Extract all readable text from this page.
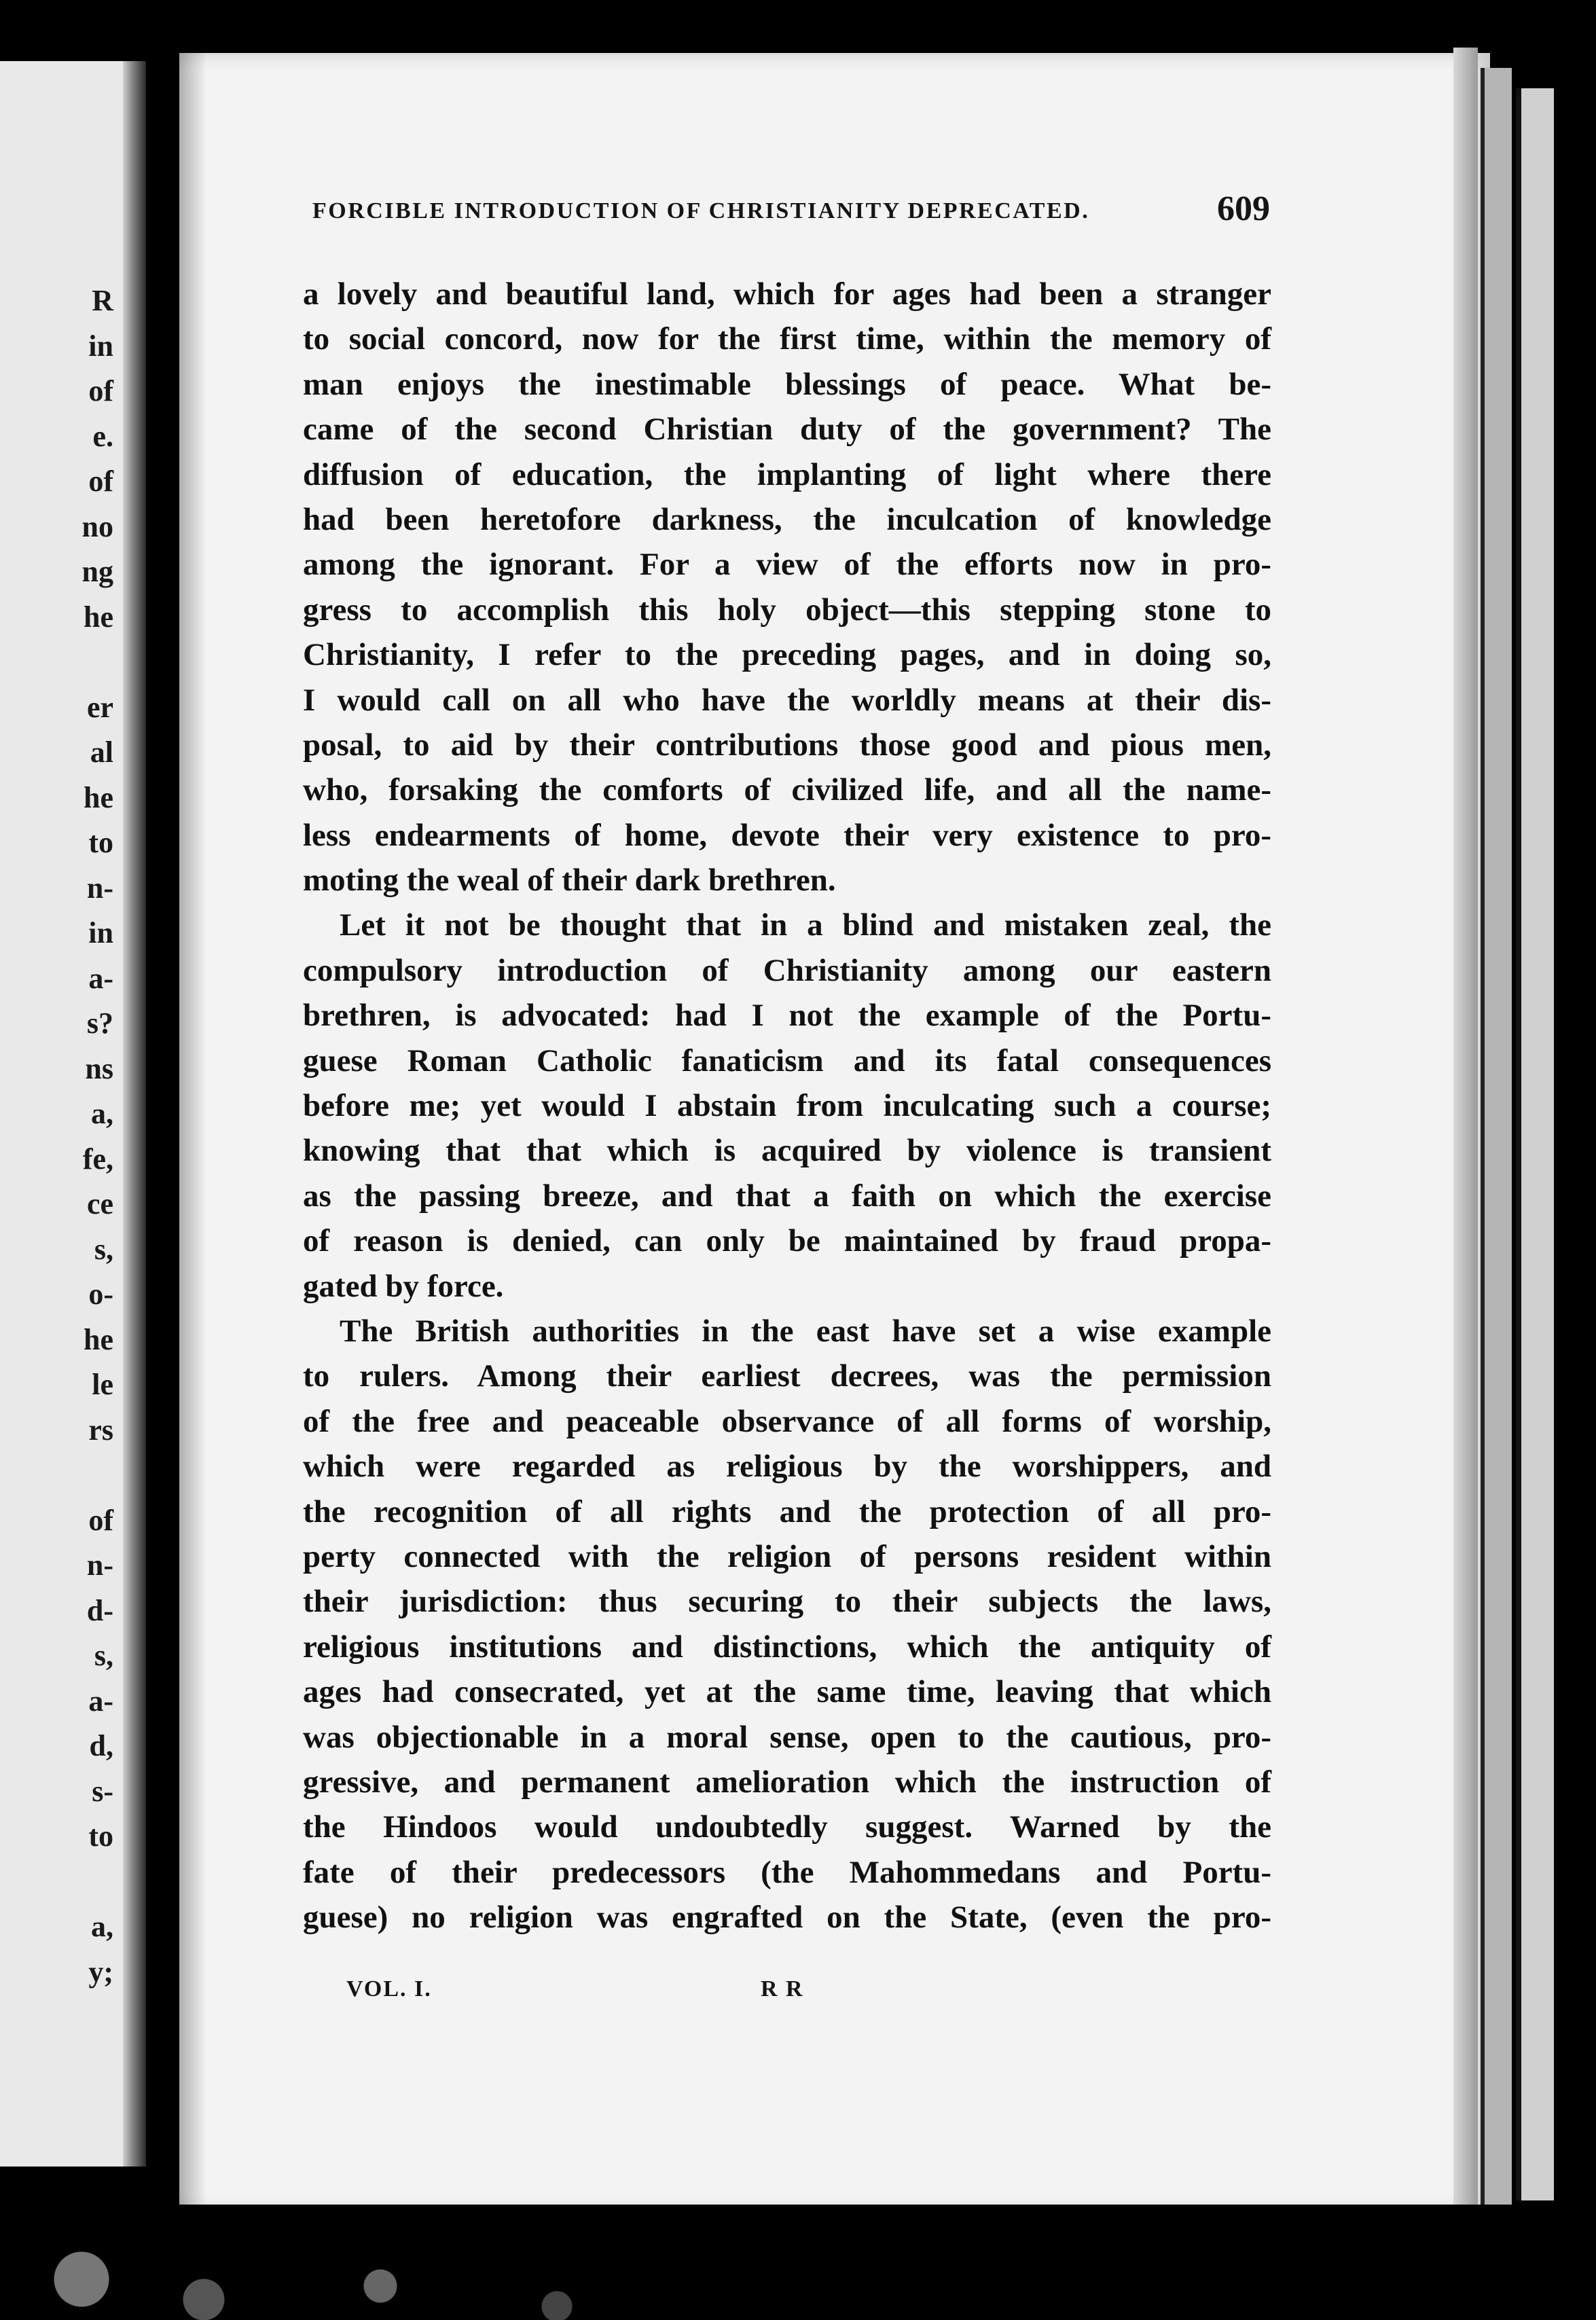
R
in
of
e.
of
no
ng
he
er
al
he
to
n-
in
a-
s?
ns
a,
fe,
ce
s,
o-
he
le
rs
of
n-
d-
s,
a-
d,
s-
to
a,
y;
FORCIBLE INTRODUCTION OF CHRISTIANITY DEPRECATED.	609
a lovely and beautiful land, which for ages had been a stranger
to social concord, now for the first time, within the memory of
man enjoys the inestimable blessings of peace. What be-
came of the second Christian duty of the government? The
diffusion of education, the implanting of light where there
had been heretofore darkness, the inculcation of knowledge
among the ignorant. For a view of the efforts now in pro-
gress to accomplish this holy object—this stepping stone to
Christianity, I refer to the preceding pages, and in doing so,
I would call on all who have the worldly means at their dis-
posal, to aid by their contributions those good and pious men,
who, forsaking the comforts of civilized life, and all the name-
less endearments of home, devote their very existence to pro-
moting the weal of their dark brethren.
Let it not be thought that in a blind and mistaken zeal, the
compulsory introduction of Christianity among our eastern
brethren, is advocated: had I not the example of the Portu-
guese Roman Catholic fanaticism and its fatal consequences
before me; yet would I abstain from inculcating such a course;
knowing that that which is acquired by violence is transient
as the passing breeze, and that a faith on which the exercise
of reason is denied, can only be maintained by fraud propa-
gated by force.
The British authorities in the east have set a wise example
to rulers. Among their earliest decrees, was the permission
of the free and peaceable observance of all forms of worship,
which were regarded as religious by the worshippers, and
the recognition of all rights and the protection of all pro-
perty connected with the religion of persons resident within
their jurisdiction: thus securing to their subjects the laws,
religious institutions and distinctions, which the antiquity of
ages had consecrated, yet at the same time, leaving that which
was objectionable in a moral sense, open to the cautious, pro-
gressive, and permanent amelioration which the instruction of
the Hindoos would undoubtedly suggest. Warned by the
fate of their predecessors (the Mahommedans and Portu-
guese) no religion was engrafted on the State, (even the pro-
VOL. I.	R R
